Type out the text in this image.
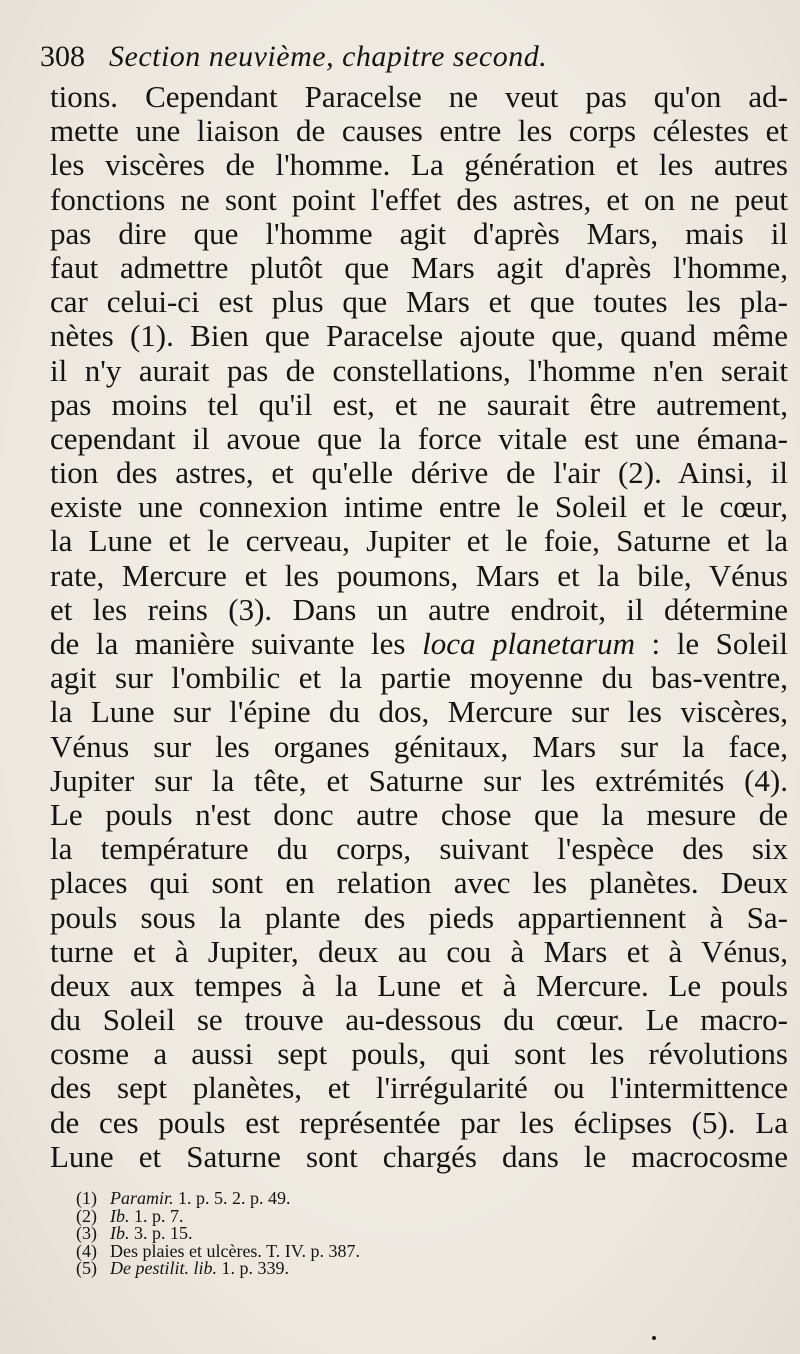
308 Section neuvième, chapitre second.
tions. Cependant Paracelse ne veut pas qu'on ad-
mette une liaison de causes entre les corps célestes et
les viscères de l'homme. La génération et les autres
fonctions ne sont point l'effet des astres, et on ne peut
pas dire que l'homme agit d'après Mars, mais il
faut admettre plutôt que Mars agit d'après l'homme,
car celui-ci est plus que Mars et que toutes les pla-
nètes (1). Bien que Paracelse ajoute que, quand même
il n'y aurait pas de constellations, l'homme n'en serait
pas moins tel qu'il est, et ne saurait être autrement,
cependant il avoue que la force vitale est une émana-
tion des astres, et qu'elle dérive de l'air (2). Ainsi, il
existe une connexion intime entre le Soleil et le cœur,
la Lune et le cerveau, Jupiter et le foie, Saturne et la
rate, Mercure et les poumons, Mars et la bile, Vénus
et les reins (3). Dans un autre endroit, il détermine
de la manière suivante les loca planetarum : le Soleil
agit sur l'ombilic et la partie moyenne du bas-ventre,
la Lune sur l'épine du dos, Mercure sur les viscères,
Vénus sur les organes génitaux, Mars sur la face,
Jupiter sur la tête, et Saturne sur les extrémités (4).
Le pouls n'est donc autre chose que la mesure de
la température du corps, suivant l'espèce des six
places qui sont en relation avec les planètes. Deux
pouls sous la plante des pieds appartiennent à Sa-
turne et à Jupiter, deux au cou à Mars et à Vénus,
deux aux tempes à la Lune et à Mercure. Le pouls
du Soleil se trouve au-dessous du cœur. Le macro-
cosme a aussi sept pouls, qui sont les révolutions
des sept planètes, et l'irrégularité ou l'intermittence
de ces pouls est représentée par les éclipses (5). La
Lune et Saturne sont chargés dans le macrocosme
(1) Paramir. 1. p. 5. 2. p. 49.
(2) Ib. 1. p. 7.
(3) Ib. 3. p. 15.
(4) Des plaies et ulcères. T. IV. p. 387.
(5) De pestilit. lib. 1. p. 339.
